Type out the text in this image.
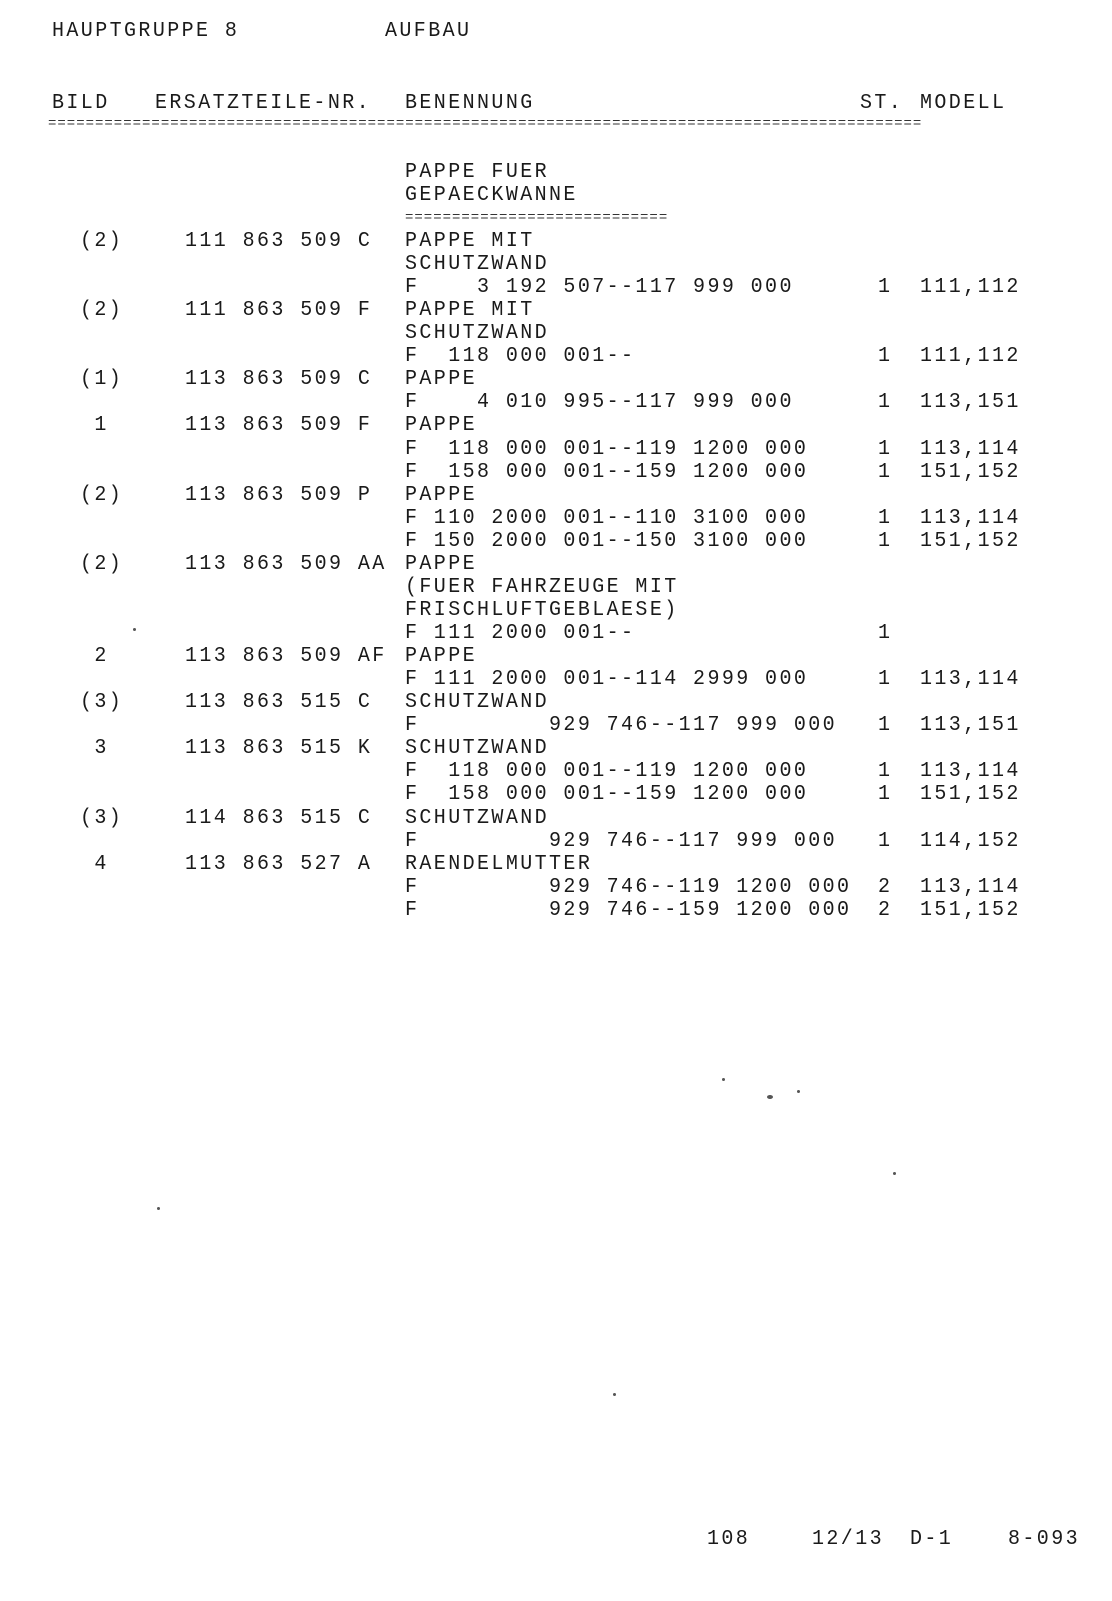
HAUPTGRUPPE 8	AUFBAU
BILD ERSATZTEILE-NR. BENENNUNG	ST. MODELL
=============================================================================================
PAPPE FUER
GEPAECKWANNE
============================
(2)	111 863 509 C PAPPE MIT
SCHUTZWAND
F    3 192 507--117 999 000	1 111,112
(2)	111 863 509 F PAPPE MIT
SCHUTZWAND
F  118 000 001--	1 111,112
(1)	113 863 509 C PAPPE
F    4 010 995--117 999 000	1 113,151
1	113 863 509 F PAPPE
F  118 000 001--119 1200 000	1 113,114
F  158 000 001--159 1200 000	1 151,152
(2)	113 863 509 P PAPPE
F 110 2000 001--110 3100 000	1 113,114
F 150 2000 001--150 3100 000	1 151,152
(2)	113 863 509 AA PAPPE
(FUER FAHRZEUGE MIT
FRISCHLUFTGEBLAESE)
F 111 2000 001--	1
2	113 863 509 AF PAPPE
F 111 2000 001--114 2999 000	1 113,114
(3)	113 863 515 C SCHUTZWAND
F         929 746--117 999 000 1 113,151
3	113 863 515 K SCHUTZWAND
F  118 000 001--119 1200 000	1 113,114
F  158 000 001--159 1200 000	1 151,152
(3)	114 863 515 C SCHUTZWAND
F         929 746--117 999 000 1 114,152
4	113 863 527 A RAENDELMUTTER
F         929 746--119 1200 000 2 113,114
F         929 746--159 1200 000 2 151,152
108	12/13 D-1	8-093
